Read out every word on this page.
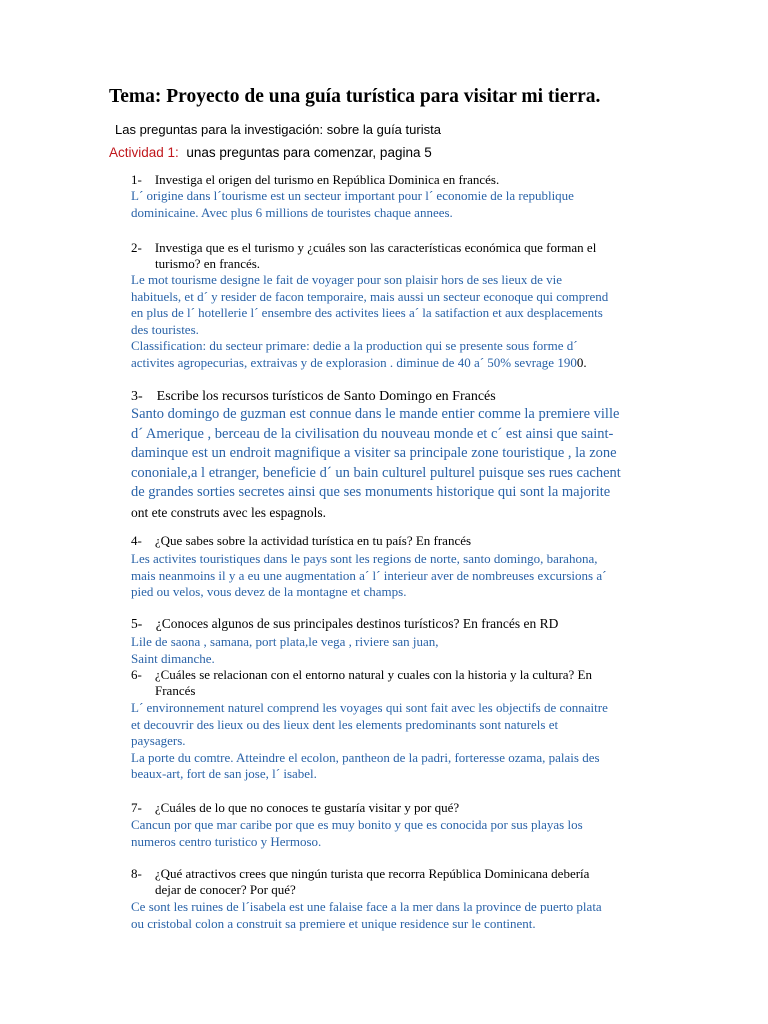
Tema: Proyecto de una guía turística para visitar mi tierra.

Las preguntas para la investigación: sobre la guía turista

Actividad 1: unas preguntas para comenzar, pagina 5

1- Investiga el origen del turismo en República Dominica en francés.
L´ origine dans l´tourisme est un secteur important pour l´ economie de la republique
dominicaine. Avec plus 6 millions de touristes chaque annees.
2- Investiga que es el turismo y ¿cuáles son las características económica que forman el
turismo? en francés.
Le mot tourisme designe le fait de voyager pour son plaisir hors de ses lieux de vie
habituels, et d´ y resider de facon temporaire, mais aussi un secteur econoque qui comprend
en plus de l´ hotellerie l´ ensembre des activites liees a´ la satifaction et aux desplacements
des touristes.
Classification: du secteur primare: dedie a la production qui se presente sous forme d´
activites agropecurias, extraivas y de explorasion . diminue de 40 a´ 50% sevrage 1900.
3- Escribe los recursos turísticos de Santo Domingo en Francés
Santo domingo de guzman est connue dans le mande entier comme la premiere ville
d´ Amerique , berceau de la civilisation du nouveau monde et c´ est ainsi que saint-
daminque est un endroit magnifique a visiter sa principale zone touristique , la zone
cononiale,a l etranger, beneficie d´ un bain culturel pulturel puisque ses rues cachent
de grandes sorties secretes ainsi que ses monuments historique qui sont la majorite
ont ete construts avec les espagnols.
4- ¿Que sabes sobre la actividad turística en tu país? En francés
Les activites touristiques dans le pays sont les regions de norte, santo domingo, barahona,
mais neanmoins il y a eu une augmentation a´ l´ interieur aver de nombreuses excursions a´
pied ou velos, vous devez de la montagne et champs.
5- ¿Conoces algunos de sus principales destinos turísticos? En francés en RD
Lile de saona , samana, port plata,le vega , riviere san juan,
Saint dimanche.
6- ¿Cuáles se relacionan con el entorno natural y cuales con la historia y la cultura? En
Francés
L´ environnement naturel comprend les voyages qui sont fait avec les objectifs de connaitre
et decouvrir des lieux ou des lieux dent les elements predominants sont naturels et
paysagers.
La porte du comtre. Atteindre el ecolon, pantheon de la padri, forteresse ozama, palais des
beaux-art, fort de san jose, l´ isabel.
7- ¿Cuáles de lo que no conoces te gustaría visitar y por qué?
Cancun por que mar caribe por que es muy bonito y que es conocida por sus playas los
numeros centro turistico y Hermoso.
8- ¿Qué atractivos crees que ningún turista que recorra República Dominicana debería
dejar de conocer? Por qué?
Ce sont les ruines de l´isabela est une falaise face a la mer dans la province de puerto plata
ou cristobal colon a construit sa premiere et unique residence sur le continent.
